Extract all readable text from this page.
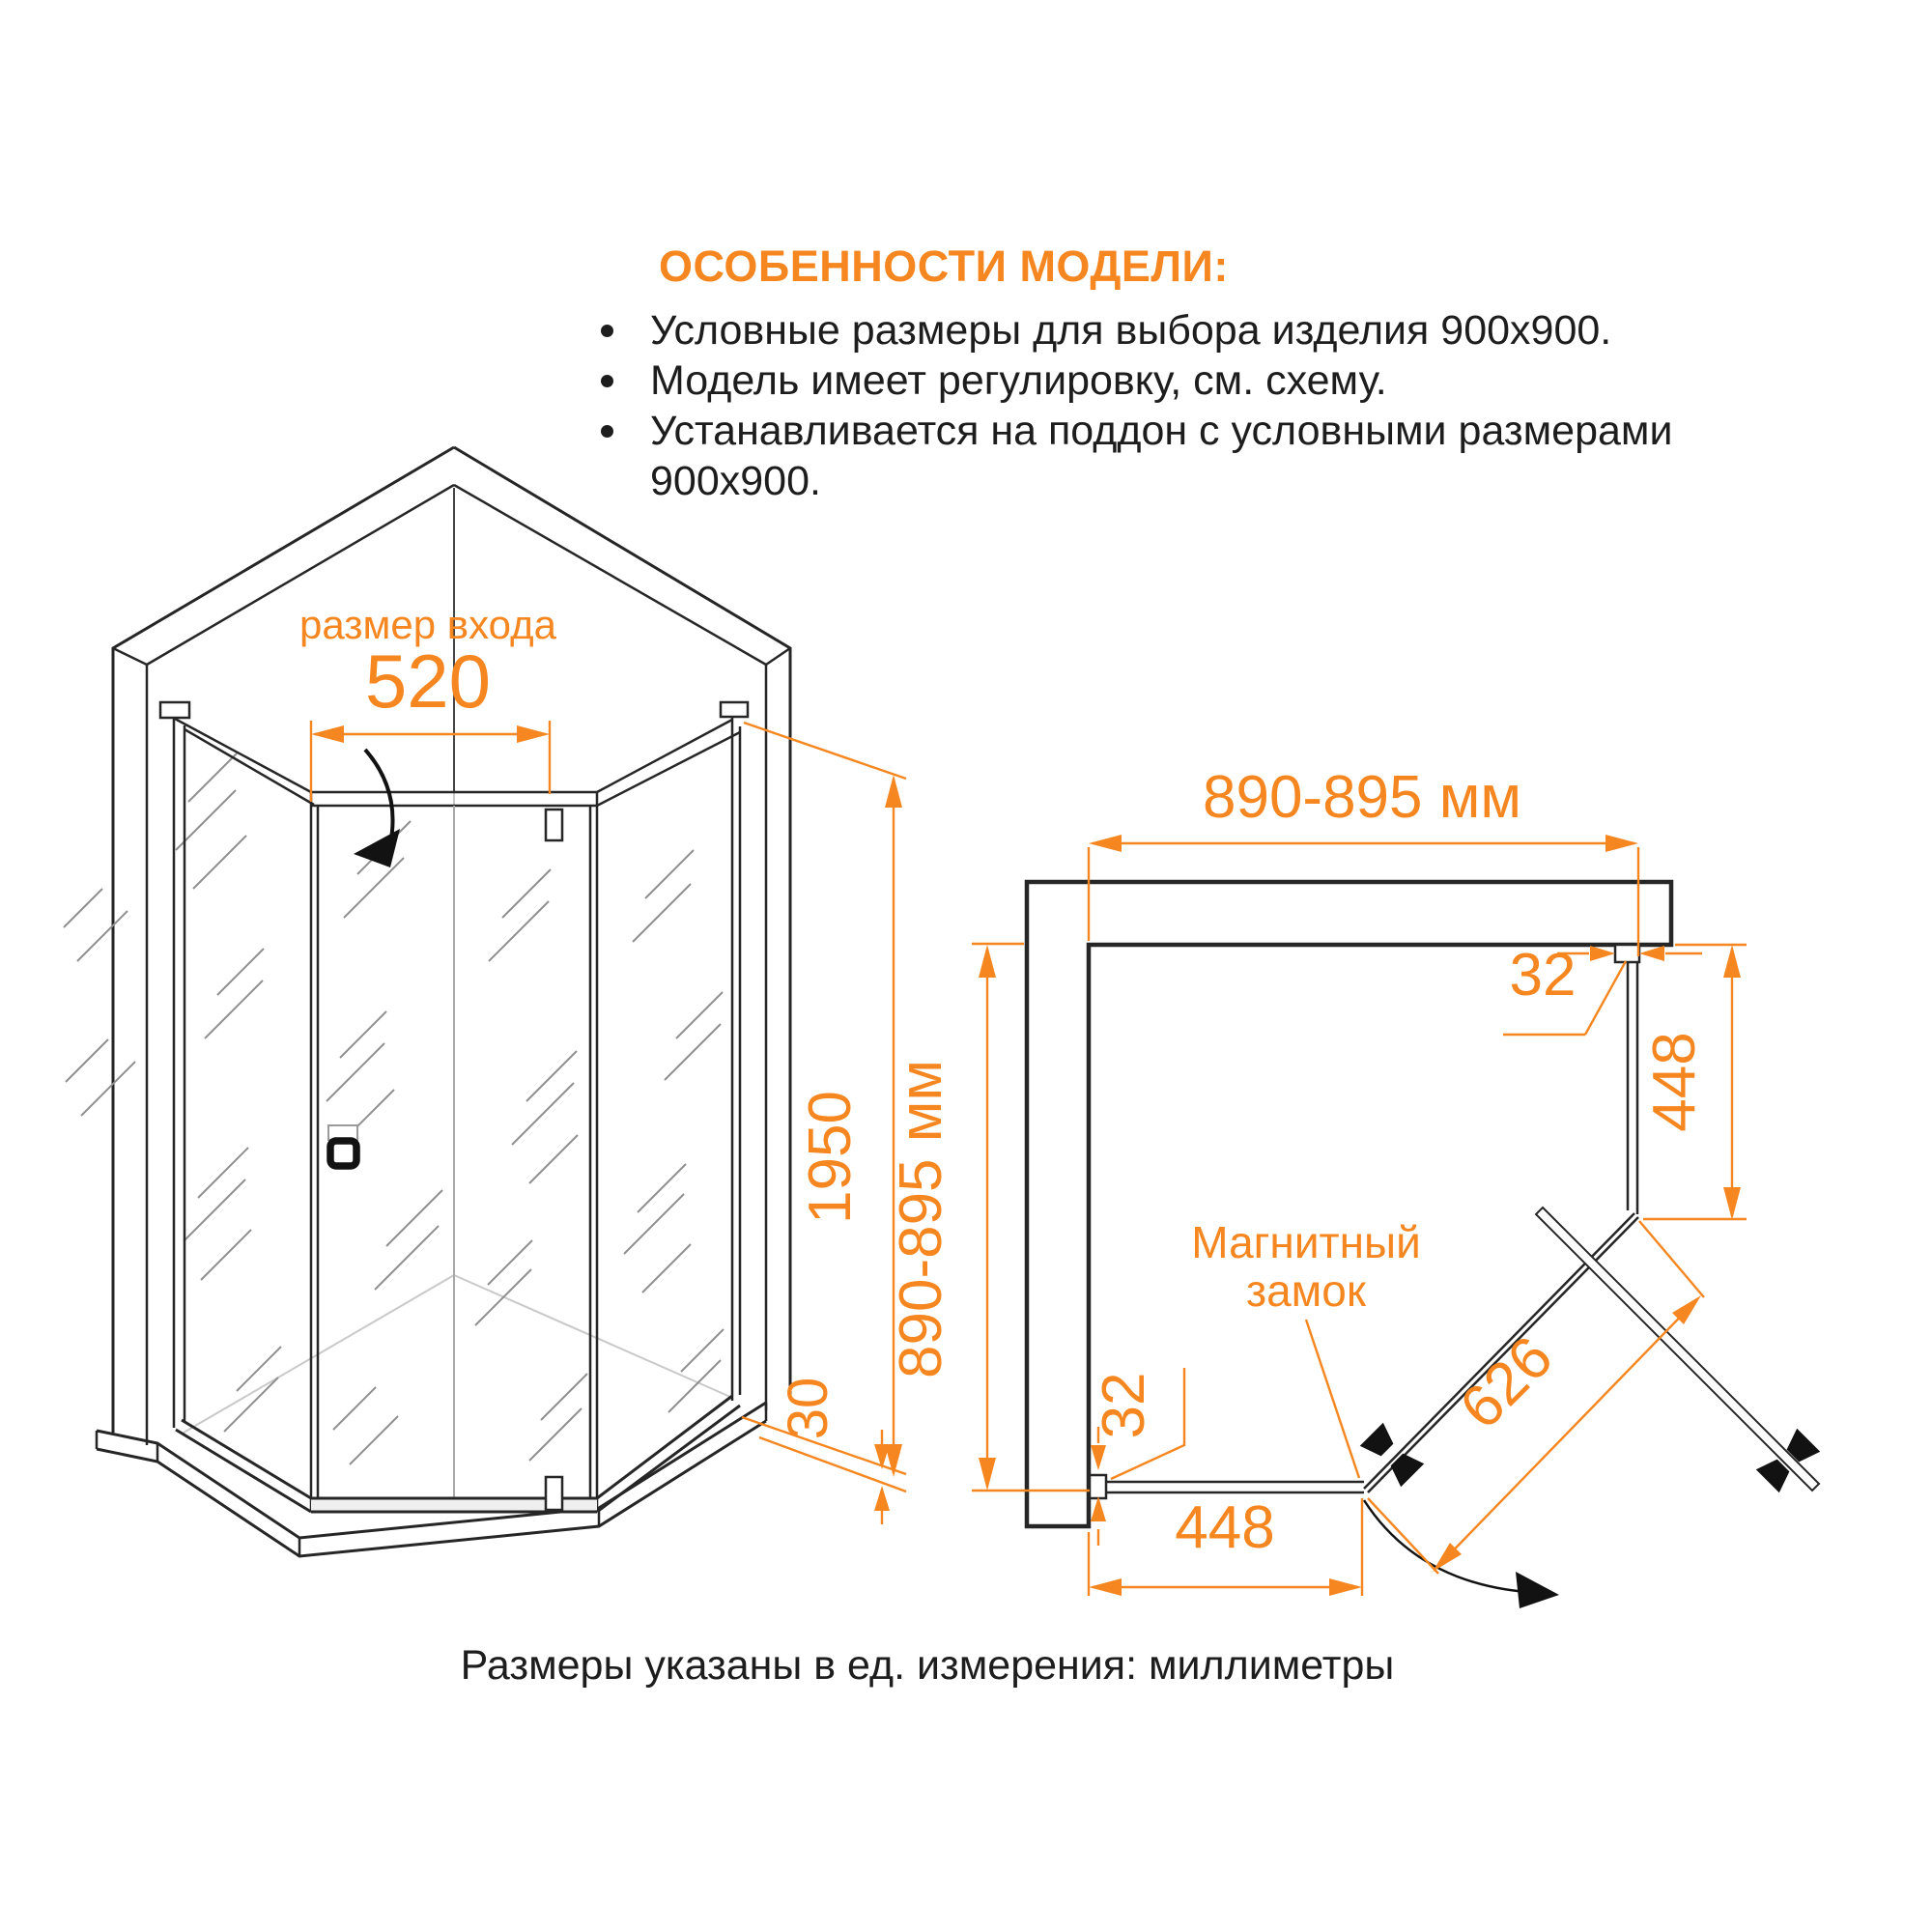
ОСОБЕННОСТИ МОДЕЛИ:
Условные размеры для выбора изделия 900x900.
Модель имеет регулировку, см. схему.
Устанавливается на поддон с условными размерами 900x900.
размер входа
520
1950
30
890-895 мм
890-895 мм	448
448
32
32	626
Магнитный
замок
Размеры указаны в ед. измерения: миллиметры
